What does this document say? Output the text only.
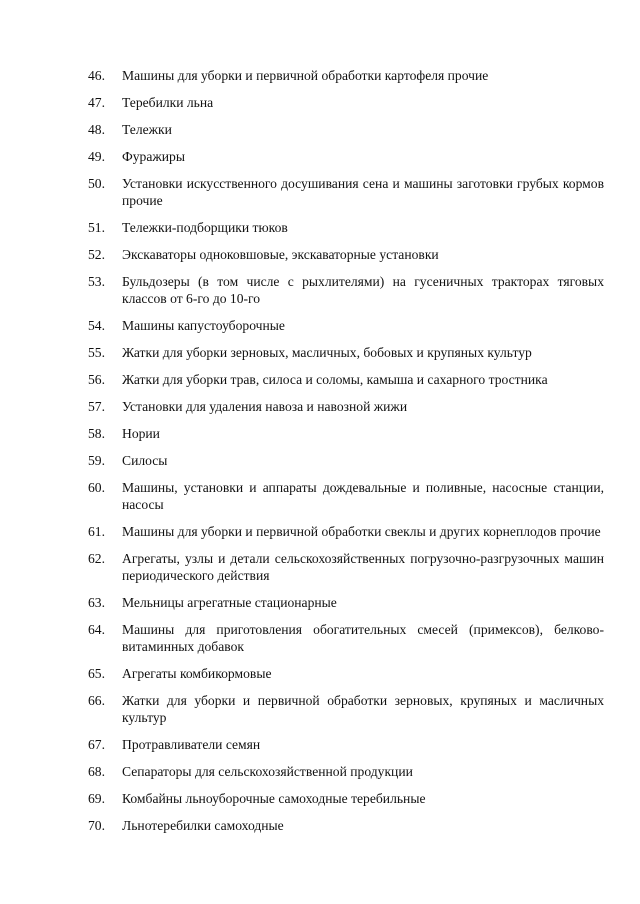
46.	Машины для уборки и первичной обработки картофеля прочие
47.	Теребилки льна
48.	Тележки
49.	Фуражиры
50.	Установки искусственного досушивания сена и машины заготовки грубых кормов прочие
51.	Тележки-подборщики тюков
52.	Экскаваторы одноковшовые, экскаваторные установки
53.	Бульдозеры (в том числе с рыхлителями) на гусеничных тракторах тяговых классов от 6-го до 10-го
54.	Машины капустоуборочные
55.	Жатки для уборки зерновых, масличных, бобовых и крупяных культур
56.	Жатки для уборки трав, силоса и соломы, камыша и сахарного тростника
57.	Установки для удаления навоза и навозной жижи
58.	Нории
59.	Силосы
60.	Машины, установки и аппараты дождевальные и поливные, насосные станции, насосы
61.	Машины для уборки и первичной обработки свеклы и других корнеплодов прочие
62.	Агрегаты, узлы и детали сельскохозяйственных погрузочно-разгрузочных машин периодического действия
63.	Мельницы агрегатные стационарные
64.	Машины для приготовления обогатительных смесей (примексов), белково-витаминных добавок
65.	Агрегаты комбикормовые
66.	Жатки для уборки и первичной обработки зерновых, крупяных и масличных культур
67.	Протравливатели семян
68.	Сепараторы для сельскохозяйственной продукции
69.	Комбайны льноуборочные самоходные теребильные
70.	Льнотеребилки самоходные
